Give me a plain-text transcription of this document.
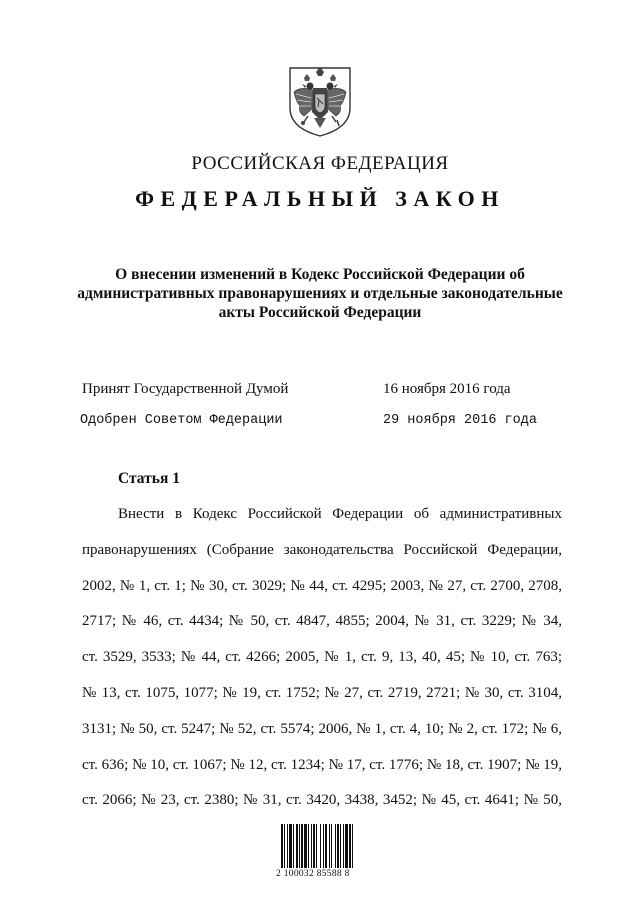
РОССИЙСКАЯ ФЕДЕРАЦИЯ
ФЕДЕРАЛЬНЫЙ ЗАКОН
О внесении изменений в Кодекс Российской Федерации об
административных правонарушениях и отдельные законодательные
акты Российской Федерации
Принят Государственной Думой	16 ноября 2016 года
Одобрен Советом Федерации	29 ноября 2016 года
Статья 1
Внести в Кодекс Российской Федерации об административных
правонарушениях (Собрание законодательства Российской Федерации,
2002, № 1, ст. 1; № 30, ст. 3029; № 44, ст. 4295; 2003, № 27, ст. 2700, 2708,
2717; № 46, ст. 4434; № 50, ст. 4847, 4855; 2004, № 31, ст. 3229; № 34,
ст. 3529, 3533; № 44, ст. 4266; 2005, № 1, ст. 9, 13, 40, 45; № 10, ст. 763;
№ 13, ст. 1075, 1077; № 19, ст. 1752; № 27, ст. 2719, 2721; № 30, ст. 3104,
3131; № 50, ст. 5247; № 52, ст. 5574; 2006, № 1, ст. 4, 10; № 2, ст. 172; № 6,
ст. 636; № 10, ст. 1067; № 12, ст. 1234; № 17, ст. 1776; № 18, ст. 1907; № 19,
ст. 2066; № 23, ст. 2380; № 31, ст. 3420, 3438, 3452; № 45, ст. 4641; № 50,
2 100032 85588 8
